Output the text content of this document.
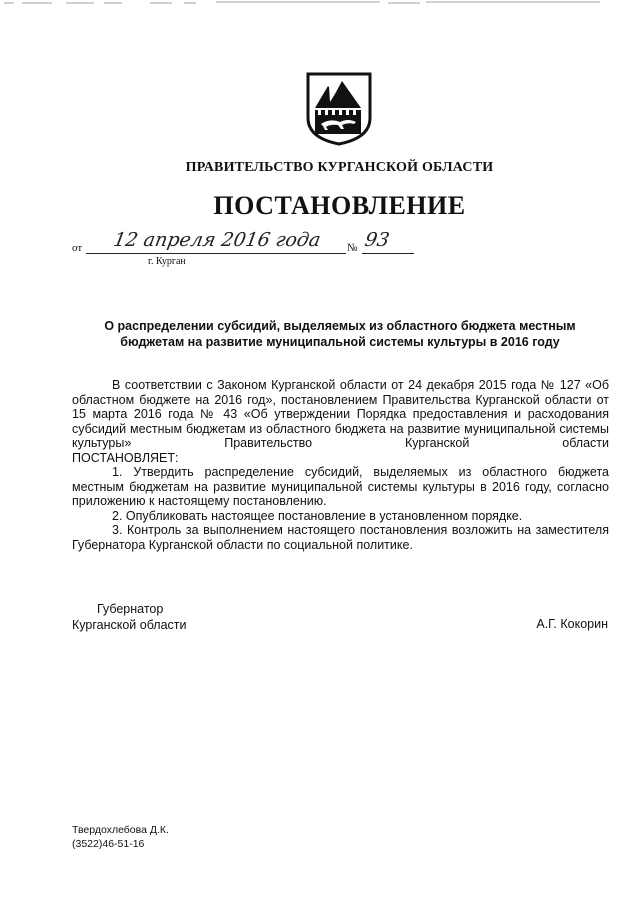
ПРАВИТЕЛЬСТВО КУРГАНСКОЙ ОБЛАСТИ
ПОСТАНОВЛЕНИЕ
от	12 апреля 2016 года	№ 93
г. Курган
О распределении субсидий, выделяемых из областного бюджета местным бюджетам на развитие муниципальной системы культуры в 2016 году

В соответствии с Законом Курганской области от 24 декабря 2015 года № 127 «Об областном бюджете на 2016 год», постановлением Правительства Курганской области от 15 марта 2016 года № 43 «Об утверждении Порядка предоставления и расходования субсидий местным бюджетам из областного бюджета на развитие муниципальной системы культуры» Правительство Курганской области

ПОСТАНОВЛЯЕТ:

1. Утвердить распределение субсидий, выделяемых из областного бюджета местным бюджетам на развитие муниципальной системы культуры в 2016 году, согласно приложению к настоящему постановлению.

2. Опубликовать настоящее постановление в установленном порядке.

3. Контроль за выполнением настоящего постановления возложить на заместителя Губернатора Курганской области по социальной политике.

Губернатор
Курганской области	А.Г. Кокорин
Твердохлебова Д.К.
(3522)46-51-16
